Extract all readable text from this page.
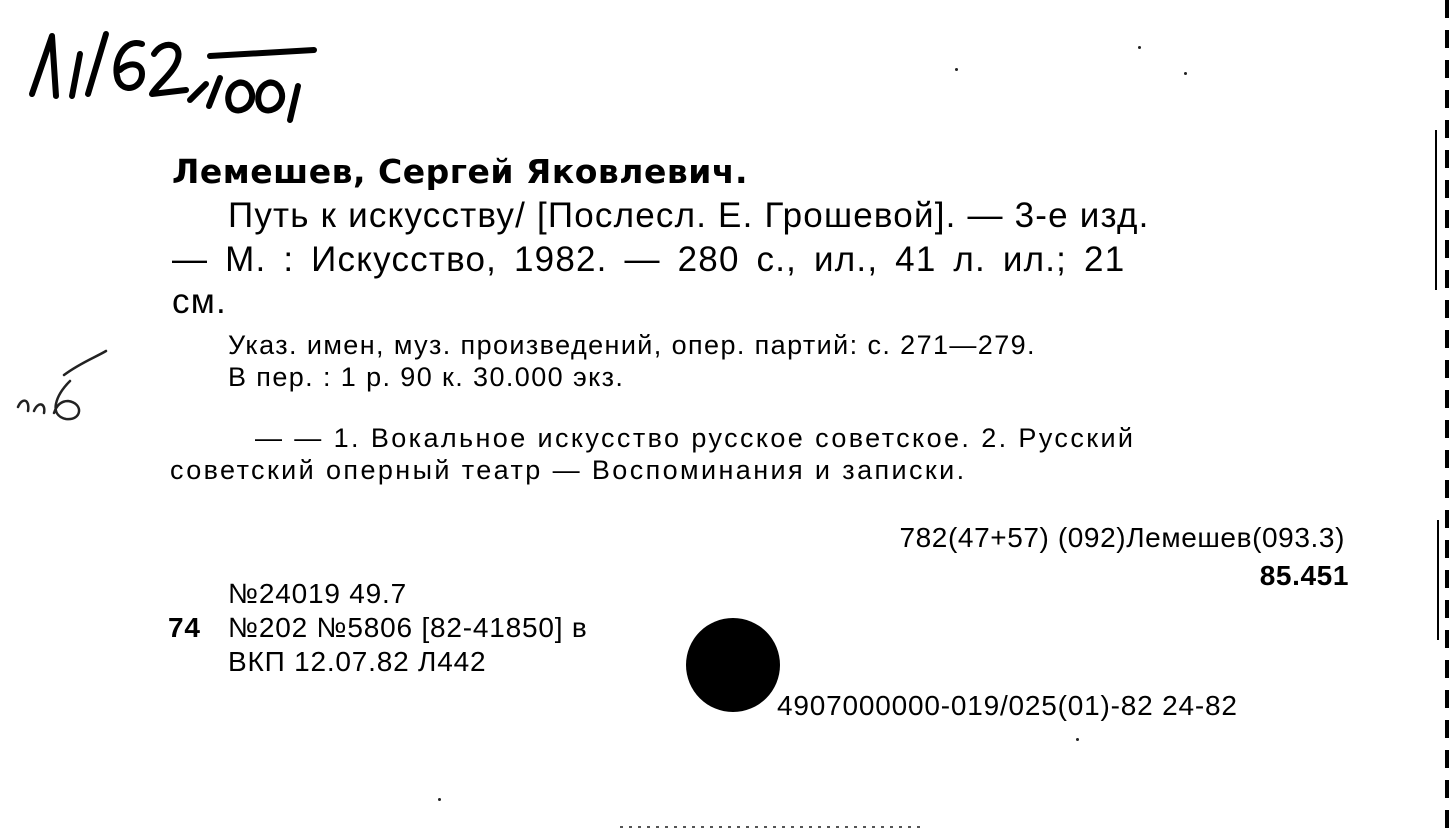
Лемешев, Сергей Яковлевич.
Путь к искусству/ [Послесл. Е. Грошевой]. — 3-е изд.
— М. : Искусство, 1982. — 280 с., ил., 41 л. ил.; 21
см.
Указ. имен, муз. произведений, опер. партий: с. 271—279.
В пер. : 1 р. 90 к. 30.000 экз.
— — 1. Вокальное искусство русское советское. 2. Русский
советский оперный театр — Воспоминания и записки.
782(47+57) (092)Лемешев(093.3)
85.451
№24019 49.7
74 №202 №5806 [82-41850] в
ВКП 12.07.82 Л442
4907000000-019/025(01)-82 24-82
